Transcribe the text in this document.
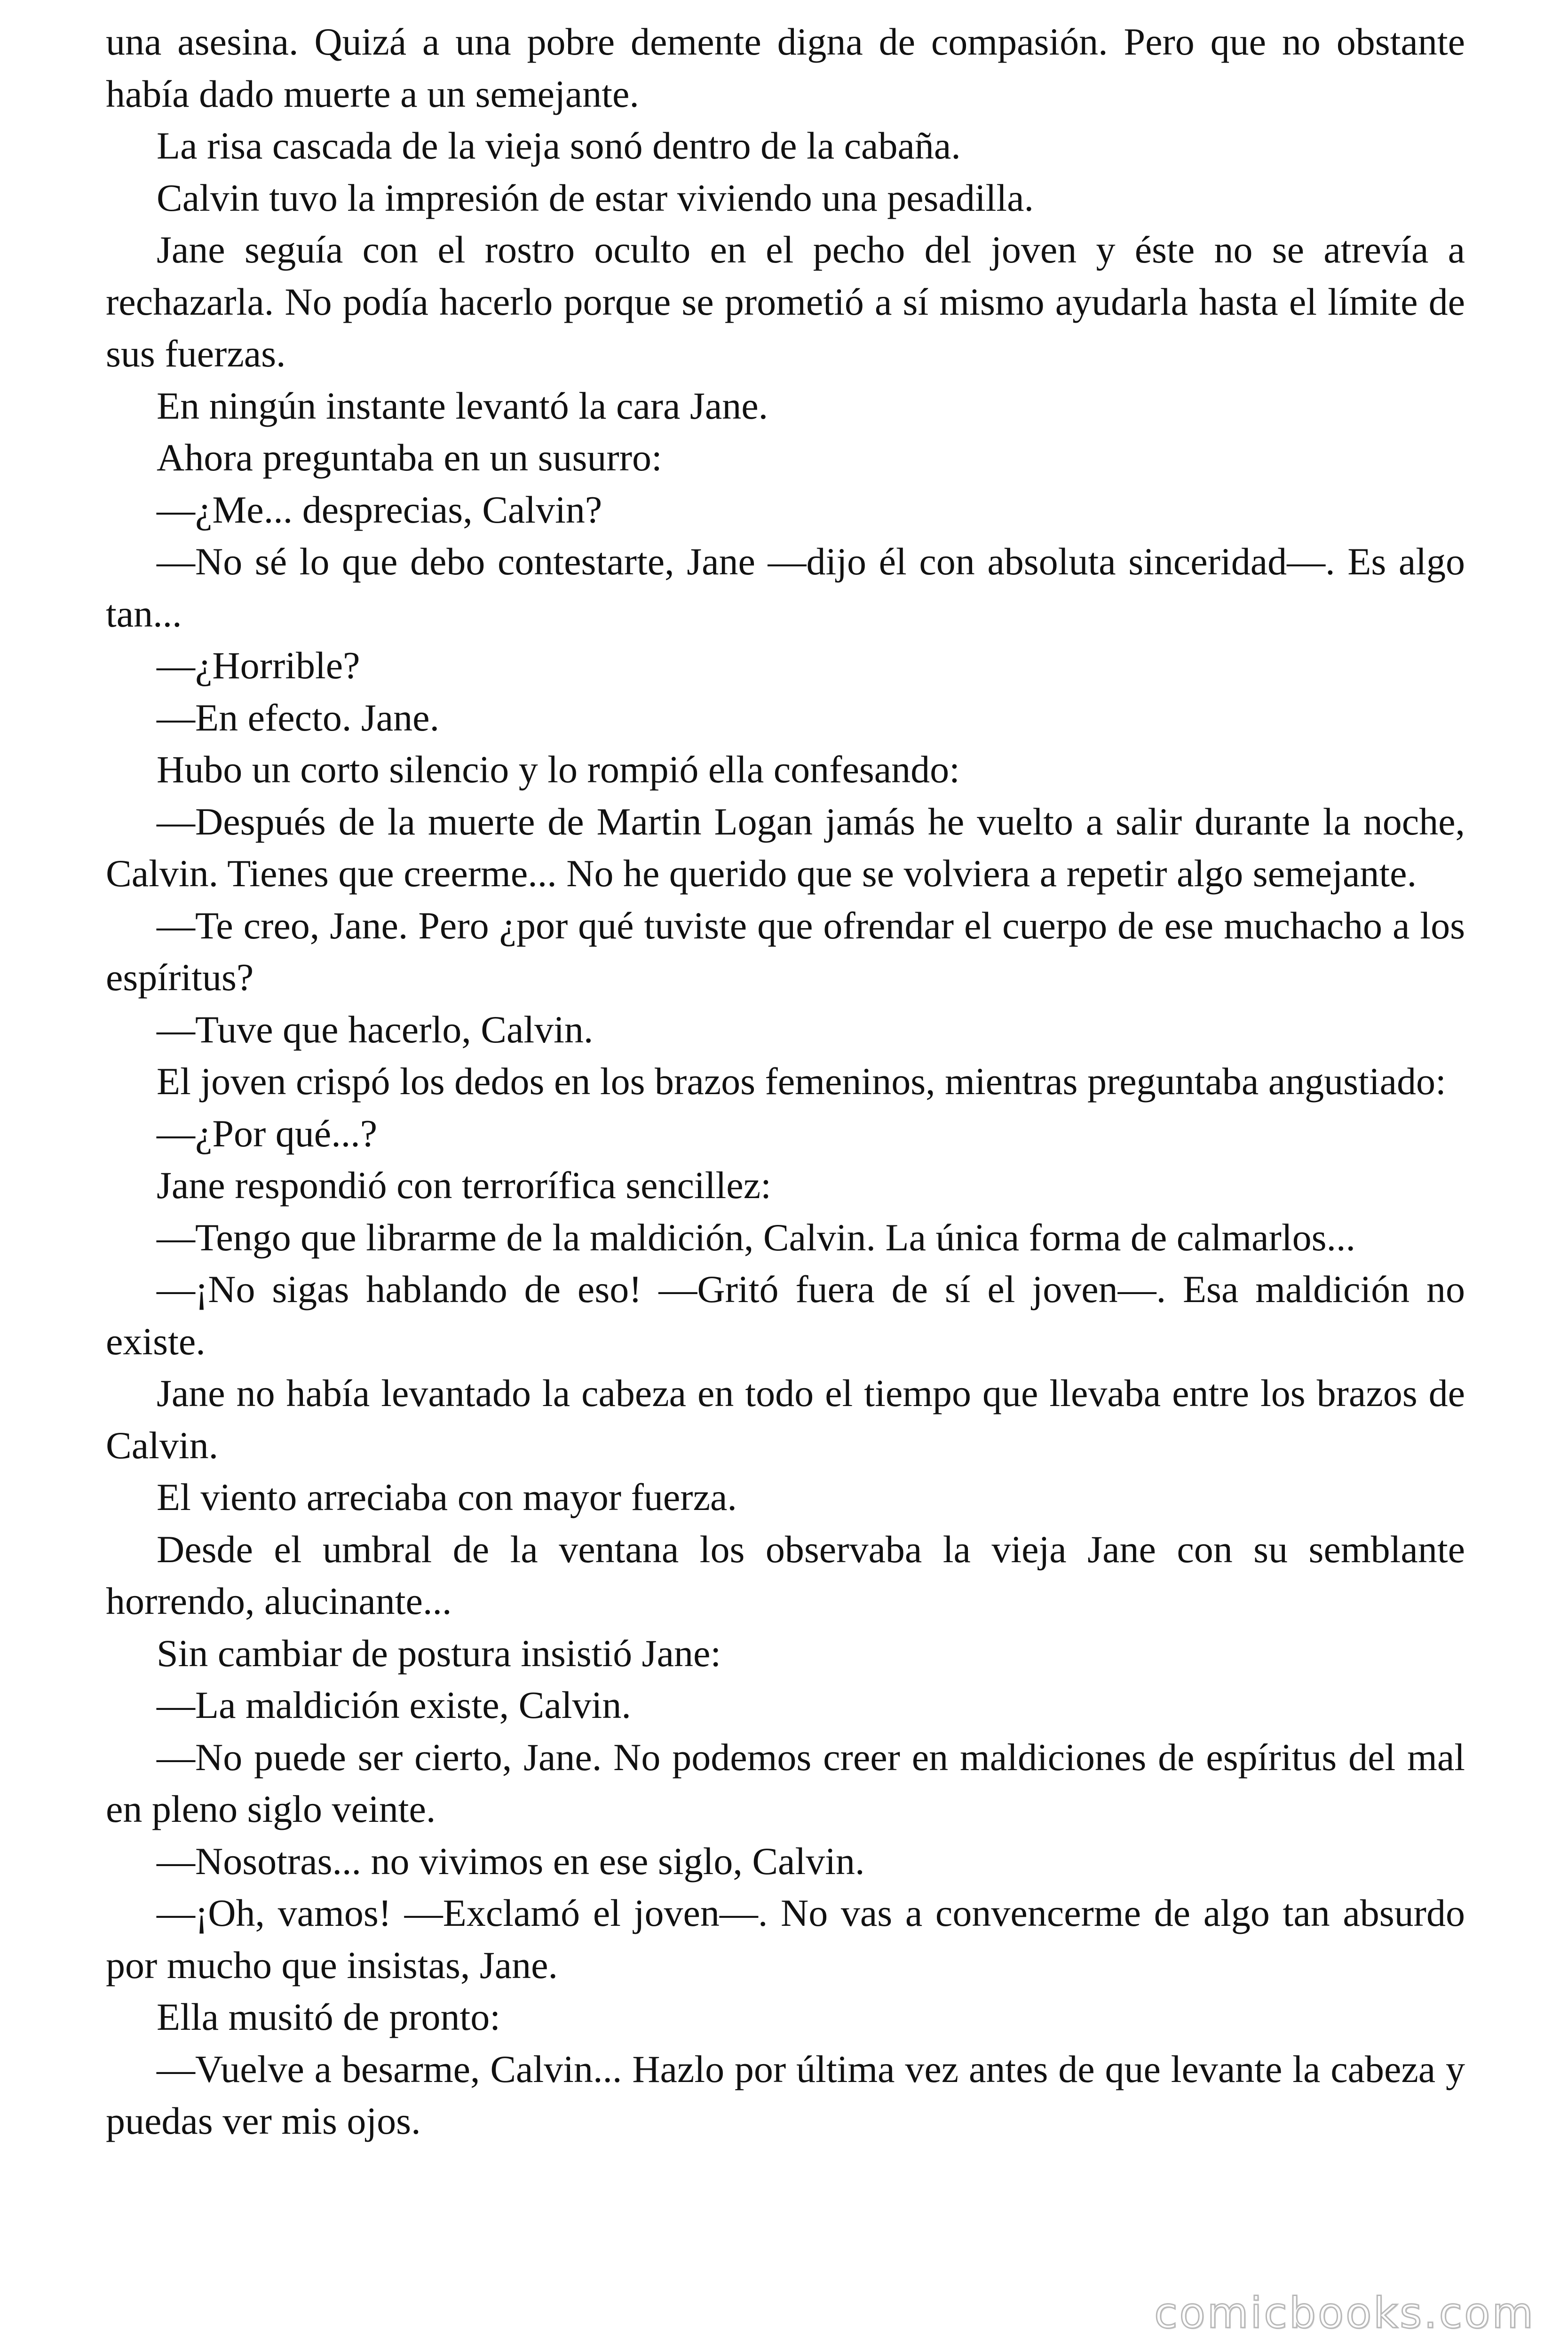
una asesina. Quizá a una pobre demente digna de compasión. Pero que no obstante había dado muerte a un semejante.

La risa cascada de la vieja sonó dentro de la cabaña.

Calvin tuvo la impresión de estar viviendo una pesadilla.

Jane seguía con el rostro oculto en el pecho del joven y éste no se atrevía a rechazarla. No podía hacerlo porque se prometió a sí mismo ayudarla hasta el límite de sus fuerzas.

En ningún instante levantó la cara Jane.

Ahora preguntaba en un susurro:

—¿Me... desprecias, Calvin?

—No sé lo que debo contestarte, Jane —dijo él con absoluta sinceridad—. Es algo tan...

—¿Horrible?

—En efecto. Jane.

Hubo un corto silencio y lo rompió ella confesando:

—Después de la muerte de Martin Logan jamás he vuelto a salir durante la noche, Calvin. Tienes que creerme... No he querido que se volviera a repetir algo semejante.

—Te creo, Jane. Pero ¿por qué tuviste que ofrendar el cuerpo de ese muchacho a los espíritus?

—Tuve que hacerlo, Calvin.

El joven crispó los dedos en los brazos femeninos, mientras preguntaba angustiado:

—¿Por qué...?

Jane respondió con terrorífica sencillez:

—Tengo que librarme de la maldición, Calvin. La única forma de calmarlos...

—¡No sigas hablando de eso! —Gritó fuera de sí el joven—. Esa maldición no existe.

Jane no había levantado la cabeza en todo el tiempo que llevaba entre los brazos de Calvin.

El viento arreciaba con mayor fuerza.

Desde el umbral de la ventana los observaba la vieja Jane con su semblante horrendo, alucinante...

Sin cambiar de postura insistió Jane:

—La maldición existe, Calvin.

—No puede ser cierto, Jane. No podemos creer en maldiciones de espíritus del mal en pleno siglo veinte.

—Nosotras... no vivimos en ese siglo, Calvin.

—¡Oh, vamos! —Exclamó el joven—. No vas a convencerme de algo tan absurdo por mucho que insistas, Jane.

Ella musitó de pronto:

—Vuelve a besarme, Calvin... Hazlo por última vez antes de que levante la cabeza y puedas ver mis ojos.

comicbooks.com
